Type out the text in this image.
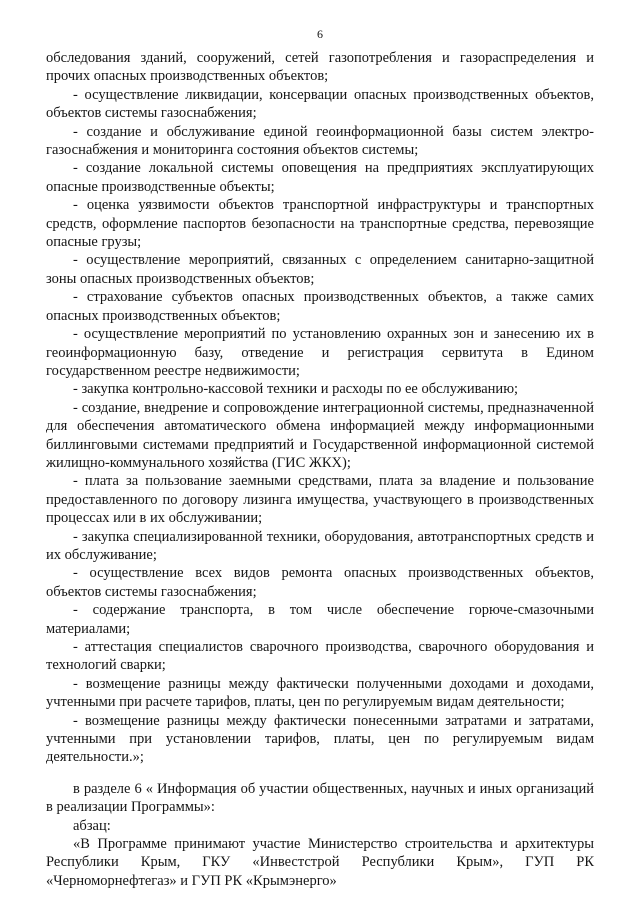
6

обследования зданий, сооружений, сетей газопотребления и газораспределения и прочих опасных производственных объектов;

- осуществление ликвидации, консервации опасных производственных объектов, объектов системы газоснабжения;

- создание и обслуживание единой геоинформационной базы систем электро-газоснабжения и мониторинга состояния объектов системы;

- создание локальной системы оповещения на предприятиях эксплуатирующих опасные производственные объекты;

- оценка уязвимости объектов транспортной инфраструктуры и транспортных средств, оформление паспортов безопасности на транспортные средства, перевозящие опасные грузы;

- осуществление мероприятий, связанных с определением санитарно-защитной зоны опасных производственных объектов;

- страхование субъектов опасных производственных объектов, а также самих опасных производственных объектов;

- осуществление мероприятий по установлению охранных зон и занесению их в геоинформационную базу, отведение и регистрация сервитута в Едином государственном реестре недвижимости;

- закупка контрольно-кассовой техники и расходы по ее обслуживанию;

- создание, внедрение и сопровождение интеграционной системы, предназначенной для обеспечения автоматического обмена информацией между информационными биллинговыми системами предприятий и Государственной информационной системой жилищно-коммунального хозяйства (ГИС ЖКХ);

- плата за пользование заемными средствами, плата за владение и пользование предоставленного по договору лизинга имущества, участвующего в производственных процессах или в их обслуживании;

- закупка специализированной техники, оборудования, автотранспортных средств и их обслуживание;

- осуществление всех видов ремонта опасных производственных объектов, объектов системы газоснабжения;

- содержание транспорта, в том числе обеспечение горюче-смазочными материалами;

- аттестация специалистов сварочного производства, сварочного оборудования и технологий сварки;

- возмещение разницы между фактически полученными доходами и доходами, учтенными при расчете тарифов, платы, цен по регулируемым видам деятельности;

- возмещение разницы между фактически понесенными затратами и затратами, учтенными при установлении тарифов, платы, цен по регулируемым видам деятельности.»;

в разделе 6 « Информация об участии общественных, научных и иных организаций в реализации Программы»:

абзац:

«В Программе принимают участие Министерство строительства и архитектуры Республики Крым, ГКУ «Инвестстрой Республики Крым», ГУП РК «Черноморнефтегаз» и ГУП РК «Крымэнерго»
